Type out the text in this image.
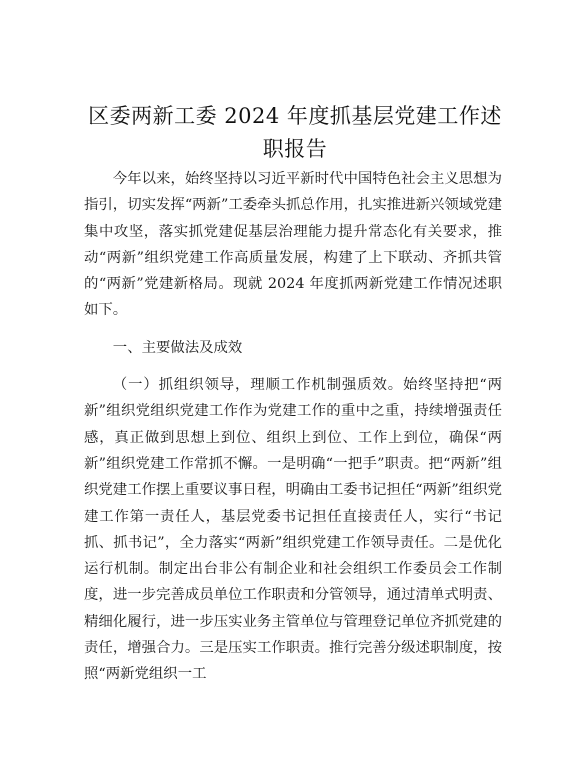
区委两新工委 2024 年度抓基层党建工作述职报告

今年以来，始终坚持以习近平新时代中国特色社会主义思想为指引，切实发挥“两新”工委牵头抓总作用，扎实推进新兴领域党建集中攻坚，落实抓党建促基层治理能力提升常态化有关要求，推动“两新”组织党建工作高质量发展，构建了上下联动、齐抓共管的“两新”党建新格局。现就 2024 年度抓两新党建工作情况述职如下。

一、主要做法及成效

（一）抓组织领导，理顺工作机制强质效。始终坚持把“两新”组织党组织党建工作作为党建工作的重中之重，持续增强责任感，真正做到思想上到位、组织上到位、工作上到位，确保“两新”组织党建工作常抓不懈。一是明确“一把手”职责。把“两新”组织党建工作摆上重要议事日程，明确由工委书记担任“两新”组织党建工作第一责任人，基层党委书记担任直接责任人，实行“书记抓、抓书记”，全力落实“两新”组织党建工作领导责任。二是优化运行机制。制定出台非公有制企业和社会组织工作委员会工作制度，进一步完善成员单位工作职责和分管领导，通过清单式明责、精细化履行，进一步压实业务主管单位与管理登记单位齐抓党建的责任，增强合力。三是压实工作职责。推行完善分级述职制度，按照“两新党组织一工
